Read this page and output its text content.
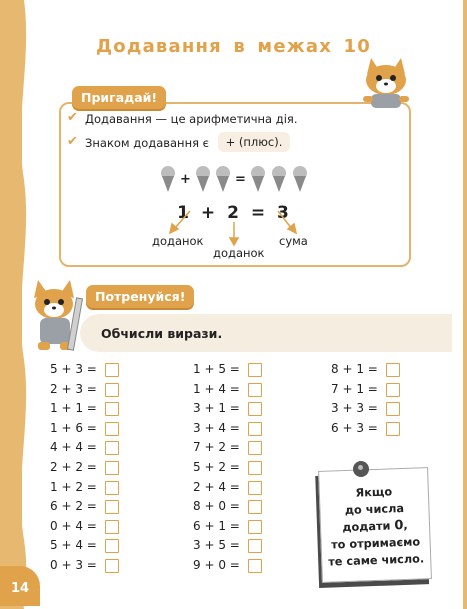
Додавання в межах 10
Пригадай!
✔ Додавання — це арифметична дія.
✔ Знаком додавання є	+ (плюс).
+	=
1 + 2 = 3
доданок
доданок
сума
Потренуйся!
Обчисли вирази.
5 + 3 =
2 + 3 =
1 + 1 =
1 + 6 =
4 + 4 =
2 + 2 =
1 + 2 =
6 + 2 =
0 + 4 =
5 + 4 =
0 + 3 =
1 + 5 =
1 + 4 =
3 + 1 =
3 + 4 =
7 + 2 =
5 + 2 =
2 + 4 =
8 + 0 =
6 + 1 =
3 + 5 =
9 + 0 =
8 + 1 =
7 + 1 =
3 + 3 =
6 + 3 =
Якщо
до числа
додати 0,
то отримаємо
те саме число.
14
